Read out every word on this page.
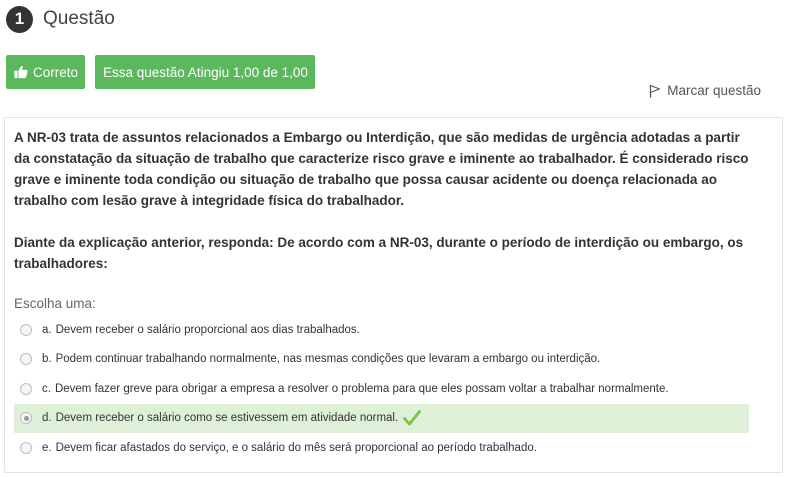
1 Questão
Correto Essa questão Atingiu 1,00 de 1,00
Marcar questão

A NR-03 trata de assuntos relacionados a Embargo ou Interdição, que são medidas de urgência adotadas a partir da constatação da situação de trabalho que caracterize risco grave e iminente ao trabalhador. É considerado risco grave e iminente toda condição ou situação de trabalho que possa causar acidente ou doença relacionada ao trabalho com lesão grave à integridade física do trabalhador.

Diante da explicação anterior, responda: De acordo com a NR-03, durante o período de interdição ou embargo, os trabalhadores:

Escolha uma:
a. Devem receber o salário proporcional aos dias trabalhados.
b. Podem continuar trabalhando normalmente, nas mesmas condições que levaram a embargo ou interdição.
c. Devem fazer greve para obrigar a empresa a resolver o problema para que eles possam voltar a trabalhar normalmente.
d. Devem receber o salário como se estivessem em atividade normal.
e. Devem ficar afastados do serviço, e o salário do mês será proporcional ao período trabalhado.
